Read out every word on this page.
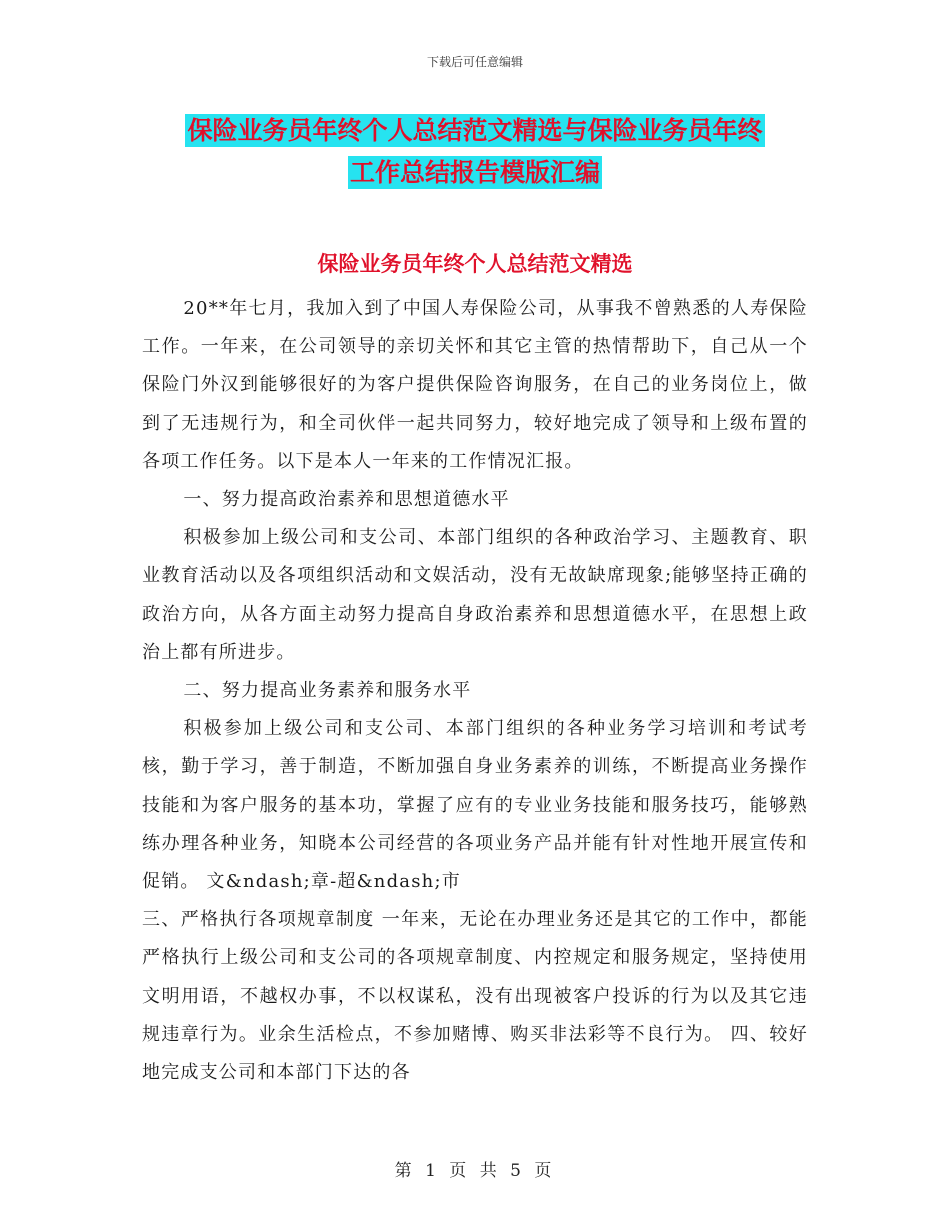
下载后可任意编辑
保险业务员年终个人总结范文精选与保险业务员年终
工作总结报告模版汇编
保险业务员年终个人总结范文精选

20**年七月，我加入到了中国人寿保险公司，从事我不曾熟悉的人寿保险工作。一年来，在公司领导的亲切关怀和其它主管的热情帮助下，自己从一个保险门外汉到能够很好的为客户提供保险咨询服务，在自己的业务岗位上，做到了无违规行为，和全司伙伴一起共同努力，较好地完成了领导和上级布置的各项工作任务。以下是本人一年来的工作情况汇报。

一、努力提高政治素养和思想道德水平

积极参加上级公司和支公司、本部门组织的各种政治学习、主题教育、职业教育活动以及各项组织活动和文娱活动，没有无故缺席现象;能够坚持正确的政治方向，从各方面主动努力提高自身政治素养和思想道德水平，在思想上政治上都有所进步。

二、努力提高业务素养和服务水平

积极参加上级公司和支公司、本部门组织的各种业务学习培训和考试考核，勤于学习，善于制造，不断加强自身业务素养的训练，不断提高业务操作技能和为客户服务的基本功，掌握了应有的专业业务技能和服务技巧，能够熟练办理各种业务，知晓本公司经营的各项业务产品并能有针对性地开展宣传和促销。 文&ndash;章-超&ndash;市

三、严格执行各项规章制度 一年来，无论在办理业务还是其它的工作中，都能严格执行上级公司和支公司的各项规章制度、内控规定和服务规定，坚持使用文明用语，不越权办事，不以权谋私，没有出现被客户投诉的行为以及其它违规违章行为。业余生活检点，不参加赌博、购买非法彩等不良行为。 四、较好地完成支公司和本部门下达的各

第 1 页 共 5 页
